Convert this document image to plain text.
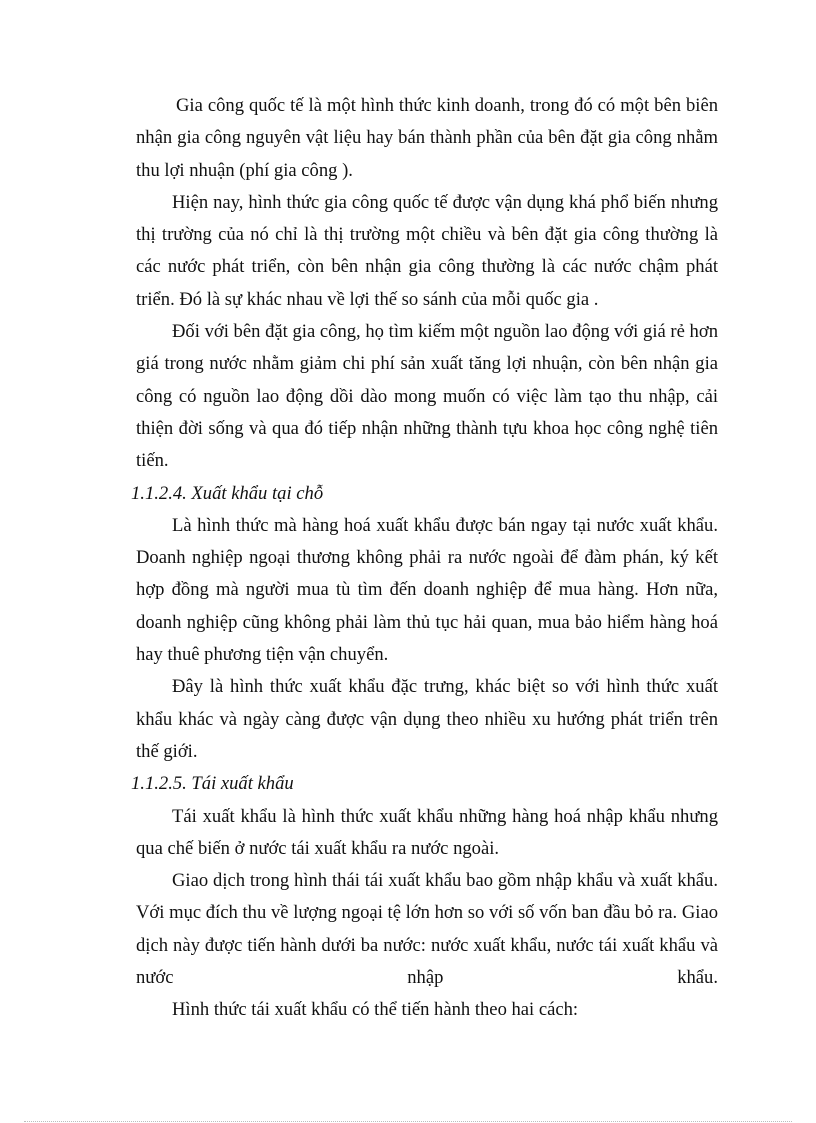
Gia công quốc tế là một hình thức kinh doanh, trong đó có một bên biên nhận gia công nguyên vật liệu hay bán thành phần của bên đặt gia công nhằm thu lợi nhuận (phí gia công ).

Hiện nay, hình thức gia công quốc tế được vận dụng khá phổ biến nhưng thị trường của nó chỉ là thị trường một chiều và bên đặt gia công thường là các nước phát triển, còn bên nhận gia công thường là các nước chậm phát triển. Đó là sự khác nhau về lợi thế so sánh của mỗi quốc gia .

Đối với bên đặt gia công, họ tìm kiếm một nguồn lao động với giá rẻ hơn giá trong nước nhằm giảm chi phí sản xuất tăng lợi nhuận, còn bên nhận gia công có nguồn lao động dồi dào mong muốn có việc làm tạo thu nhập, cải thiện đời sống và qua đó tiếp nhận những thành tựu khoa học công nghệ tiên tiến.

1.1.2.4. Xuất khẩu tại chỗ

Là hình thức mà hàng hoá xuất khẩu được bán ngay tại nước xuất khẩu. Doanh nghiệp ngoại thương không phải ra nước ngoài để đàm phán, ký kết hợp đồng mà người mua tù tìm đến doanh nghiệp để mua hàng. Hơn nữa, doanh nghiệp cũng không phải làm thủ tục hải quan, mua bảo hiểm hàng hoá hay thuê phương tiện vận chuyển.

Đây là hình thức xuất khẩu đặc trưng, khác biệt so với hình thức xuất khẩu khác và ngày càng được vận dụng theo nhiều xu hướng phát triển trên thế giới.

1.1.2.5. Tái xuất khẩu

Tái xuất khẩu là hình thức xuất khẩu những hàng hoá nhập khẩu nhưng qua chế biến ở nước tái xuất khẩu ra nước ngoài.

Giao dịch trong hình thái tái xuất khẩu bao gồm nhập khẩu và xuất khẩu. Với mục đích thu về lượng ngoại tệ lớn hơn so với số vốn ban đầu bỏ ra. Giao dịch này được tiến hành dưới ba nước: nước xuất khẩu, nước tái xuất khẩu và nước nhập khẩu.

Hình thức tái xuất khẩu có thể tiến hành theo hai cách:
